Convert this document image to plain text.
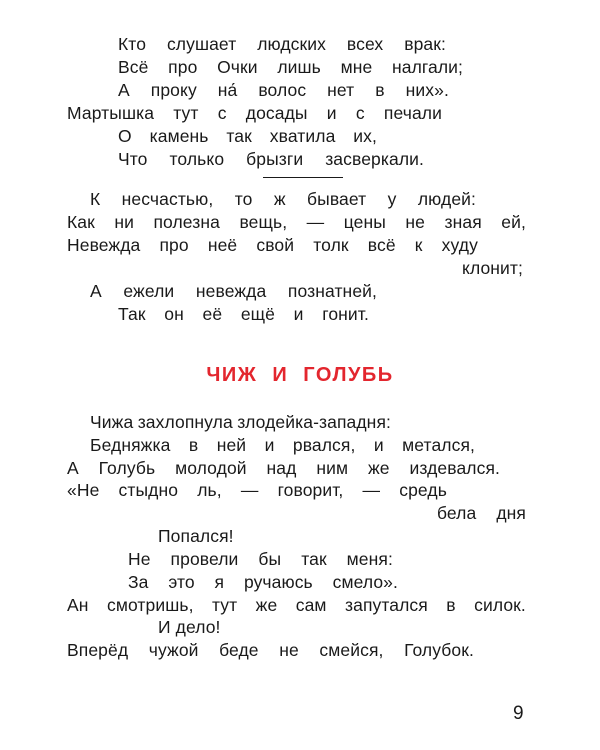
Кто слушает людских всех врак:
Всё про Очки лишь мне налгали;
А проку на́ волос нет в них».
Мартышка тут с досады и с печали
О камень так хватила их,
Что только брызги засверкали.
К несчастью, то ж бывает у людей:
Как ни полезна вещь, — цены не зная ей,
Невежда про неё свой толк всё к худу
клонит;
А ежели невежда познатней,
Так он её ещё и гонит.
ЧИЖ И ГОЛУБЬ
Чижа захлопнула злодейка-западня:
Бедняжка в ней и рвался, и метался,
А Голубь молодой над ним же издевался.
«Не стыдно ль, — говорит, — средь
бела дня
Попался!
Не провели бы так меня:
За это я ручаюсь смело».
Ан смотришь, тут же сам запутался в силок.
И дело!
Вперёд чужой беде не смейся, Голубок.
9
